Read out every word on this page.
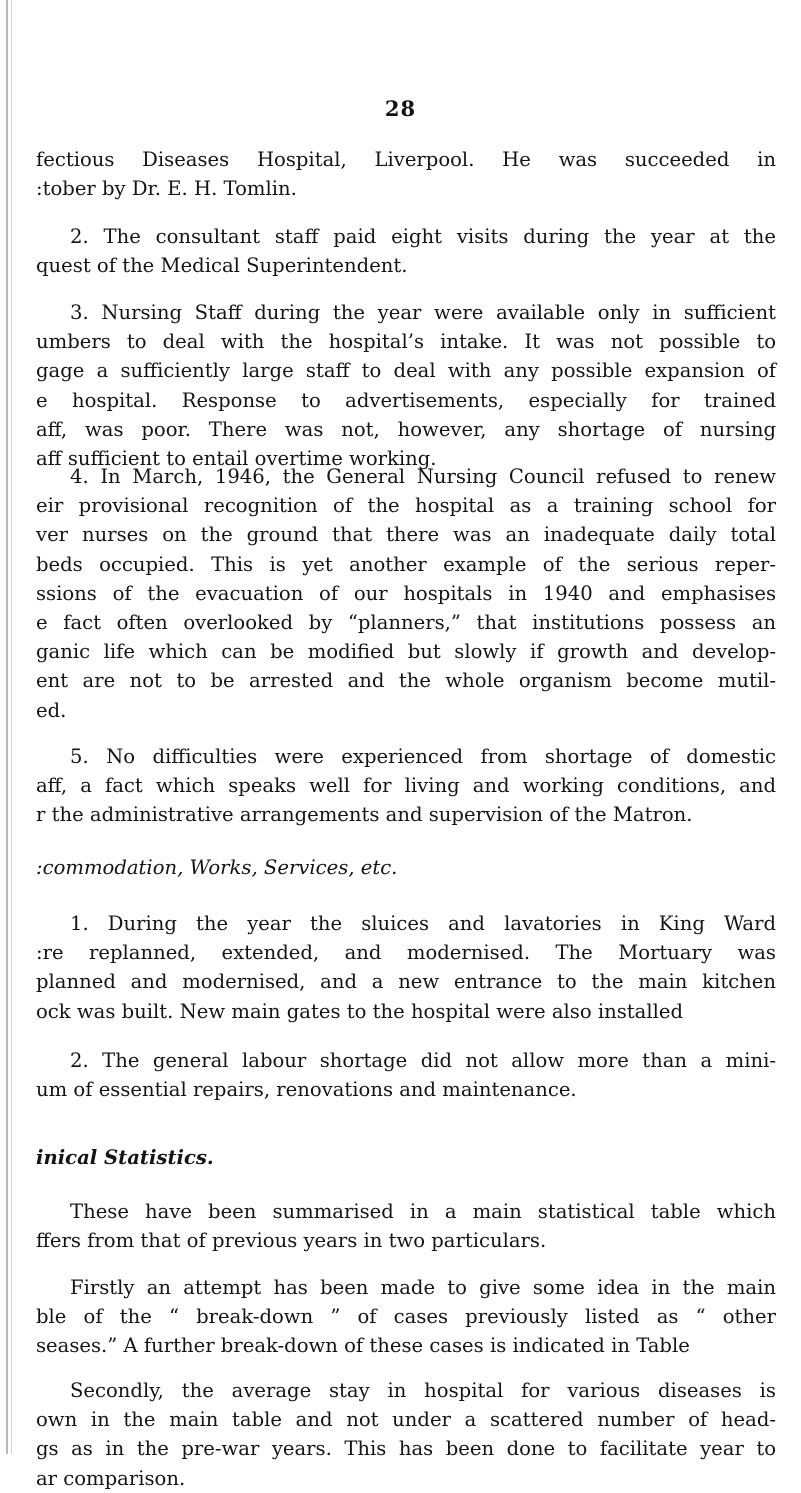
28

fectious Diseases Hospital, Liverpool. He was succeeded in
:tober by Dr. E. H. Tomlin.

2. The consultant staff paid eight visits during the year at the
quest of the Medical Superintendent.

3. Nursing Staff during the year were available only in sufficient
umbers to deal with the hospital’s intake. It was not possible to
gage a sufficiently large staff to deal with any possible expansion of
e hospital. Response to advertisements, especially for trained
aff, was poor. There was not, however, any shortage of nursing
aff sufficient to entail overtime working.

4. In March, 1946, the General Nursing Council refused to renew
eir provisional recognition of the hospital as a training school for
ver nurses on the ground that there was an inadequate daily total
beds occupied. This is yet another example of the serious reper-
ssions of the evacuation of our hospitals in 1940 and emphasises
e fact often overlooked by “planners,” that institutions possess an
ganic life which can be modified but slowly if growth and develop-
ent are not to be arrested and the whole organism become mutil-
ed.

5. No difficulties were experienced from shortage of domestic
aff, a fact which speaks well for living and working conditions, and
r the administrative arrangements and supervision of the Matron.

:commodation, Works, Services, etc.

1. During the year the sluices and lavatories in King Ward
:re replanned, extended, and modernised. The Mortuary was
planned and modernised, and a new entrance to the main kitchen
ock was built. New main gates to the hospital were also installed

2. The general labour shortage did not allow more than a mini-
um of essential repairs, renovations and maintenance.

inical Statistics.

These have been summarised in a main statistical table which
ffers from that of previous years in two particulars.

Firstly an attempt has been made to give some idea in the main
ble of the “ break-down ” of cases previously listed as “ other
seases.” A further break-down of these cases is indicated in Table

Secondly, the average stay in hospital for various diseases is
own in the main table and not under a scattered number of head-
gs as in the pre-war years. This has been done to facilitate year to
ar comparison.
